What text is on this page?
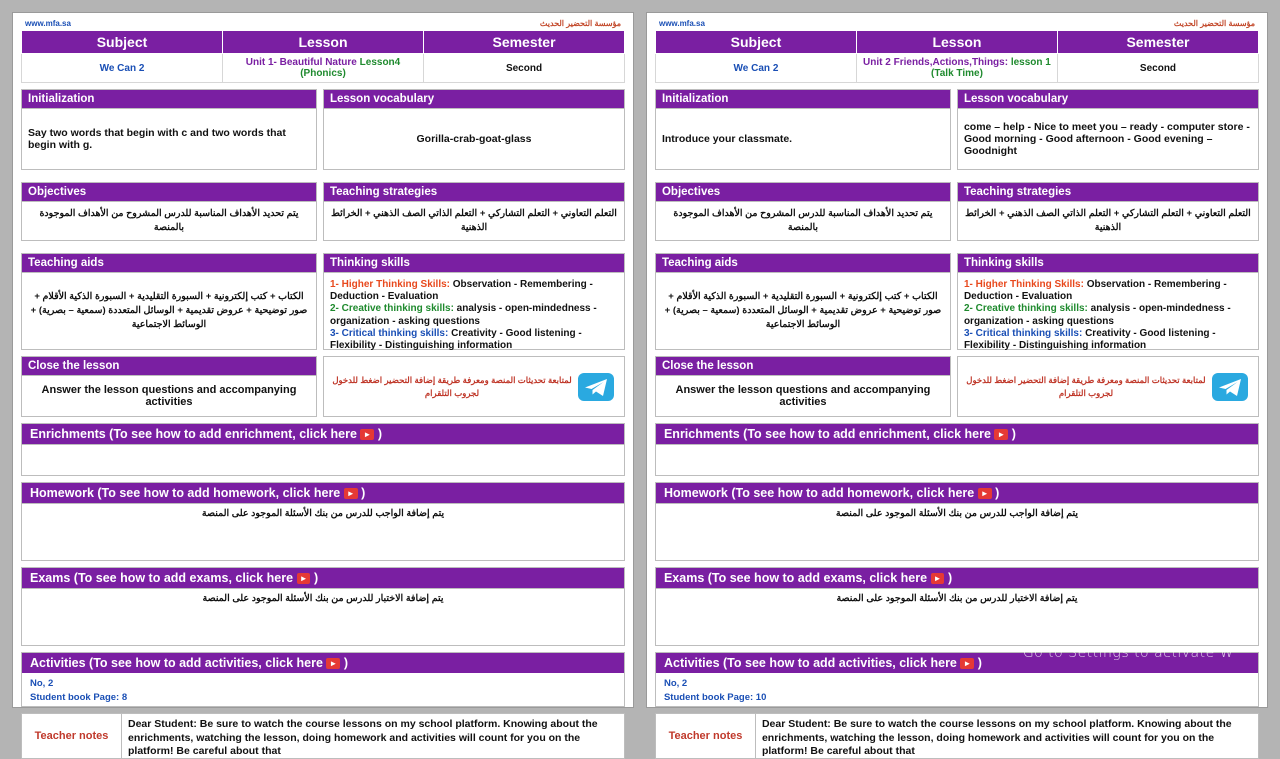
www.mfa.sa	مؤسسة التحضير الحديث
Subject	Lesson	Semester
We Can 2	Unit 1- Beautiful Nature Lesson4 (Phonics)	Second
Initialization
Say two words that begin with c and two words that begin with g.
Lesson vocabulary
Gorilla-crab-goat-glass
Objectives
يتم تحديد الأهداف المناسبة للدرس المشروح من الأهداف الموجودة بالمنصة
Teaching strategies
التعلم التعاوني + التعلم التشاركي + التعلم الذاتي الصف الذهني + الخرائط الذهنية
Teaching aids
الكتاب + كتب إلكترونية + السبورة التقليدية + السبورة الذكية الأقلام + صور توضيحية + عروض تقديمية + الوسائل المتعددة (سمعية – بصرية) + الوسائط الاجتماعية
Thinking skills

1- Higher Thinking Skills: Observation - Remembering - Deduction - Evaluation

2- Creative thinking skills: analysis - open-mindedness - organization - asking questions

3- Critical thinking skills: Creativity - Good listening - Flexibility - Distinguishing information

Close the lesson
Answer the lesson questions and accompanying activities
لمتابعة تحديثات المنصة ومعرفة طريقة إضافة التحضير اضغط للدخول لجروب التلقرام
Enrichments (To see how to add enrichment, click here ► )
Homework (To see how to add homework, click here ► )
يتم إضافة الواجب للدرس من بنك الأسئلة الموجود على المنصة
Exams (To see how to add exams, click here ► )
يتم إضافة الاختبار للدرس من بنك الأسئلة الموجود على المنصة
Activities (To see how to add activities, click here ► )
No, 2
Student book Page: 8
Teacher notes
Dear Student: Be sure to watch the course lessons on my school platform. Knowing about the enrichments, watching the lesson, doing homework and activities will count for you on the platform! Be careful about that
www.mfa.sa	مؤسسة التحضير الحديث
Subject	Lesson	Semester
We Can 2	Unit 2 Friends,Actions,Things: lesson 1 (Talk Time)	Second
Initialization
Introduce your classmate.
Lesson vocabulary
come – help - Nice to meet you – ready - computer store - Good morning - Good afternoon - Good evening – Goodnight
Objectives
يتم تحديد الأهداف المناسبة للدرس المشروح من الأهداف الموجودة بالمنصة
Teaching strategies
التعلم التعاوني + التعلم التشاركي + التعلم الذاتي الصف الذهني + الخرائط الذهنية
Teaching aids
الكتاب + كتب إلكترونية + السبورة التقليدية + السبورة الذكية الأقلام + صور توضيحية + عروض تقديمية + الوسائل المتعددة (سمعية – بصرية) + الوسائط الاجتماعية
Thinking skills

1- Higher Thinking Skills: Observation - Remembering - Deduction - Evaluation

2- Creative thinking skills: analysis - open-mindedness - organization - asking questions

3- Critical thinking skills: Creativity - Good listening - Flexibility - Distinguishing information

Close the lesson
Answer the lesson questions and accompanying activities
لمتابعة تحديثات المنصة ومعرفة طريقة إضافة التحضير اضغط للدخول لجروب التلقرام
Enrichments (To see how to add enrichment, click here ► )
Homework (To see how to add homework, click here ► )
يتم إضافة الواجب للدرس من بنك الأسئلة الموجود على المنصة
Exams (To see how to add exams, click here ► )
يتم إضافة الاختبار للدرس من بنك الأسئلة الموجود على المنصة
Activities (To see how to add activities, click here ► )
No, 2
Student book Page: 10
Teacher notes
Dear Student: Be sure to watch the course lessons on my school platform. Knowing about the enrichments, watching the lesson, doing homework and activities will count for you on the platform! Be careful about that
Activate Windows
Go to Settings to activate W
